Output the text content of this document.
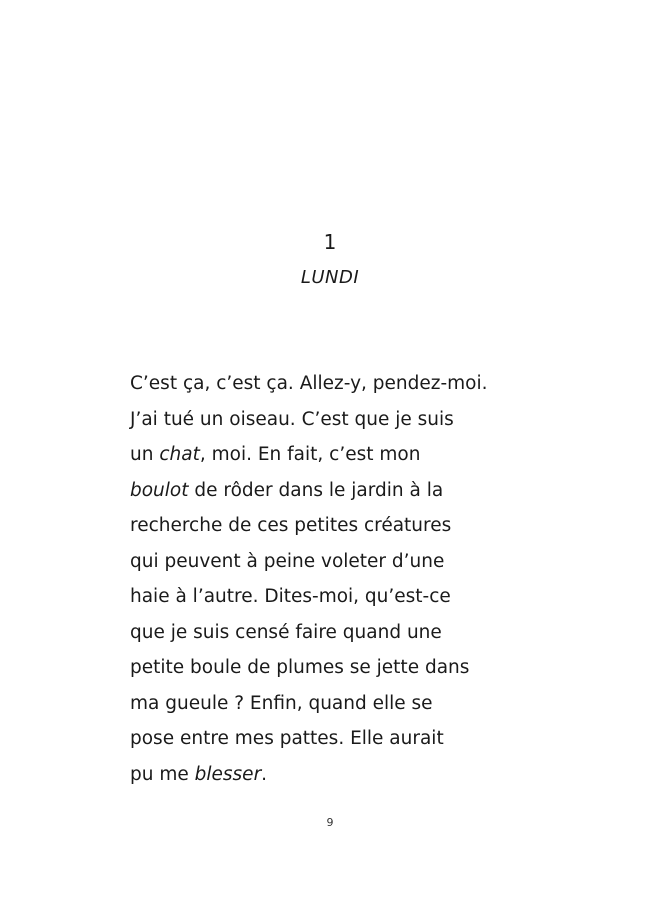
1
LUNDI
C’est ça, c’est ça. Allez-y, pendez-moi.
J’ai tué un oiseau. C’est que je suis
un chat, moi. En fait, c’est mon
boulot de rôder dans le jardin à la
recherche de ces petites créatures
qui peuvent à peine voleter d’une
haie à l’autre. Dites-moi, qu’est-ce
que je suis censé faire quand une
petite boule de plumes se jette dans
ma gueule ? Enfin, quand elle se
pose entre mes pattes. Elle aurait
pu me blesser.
9
